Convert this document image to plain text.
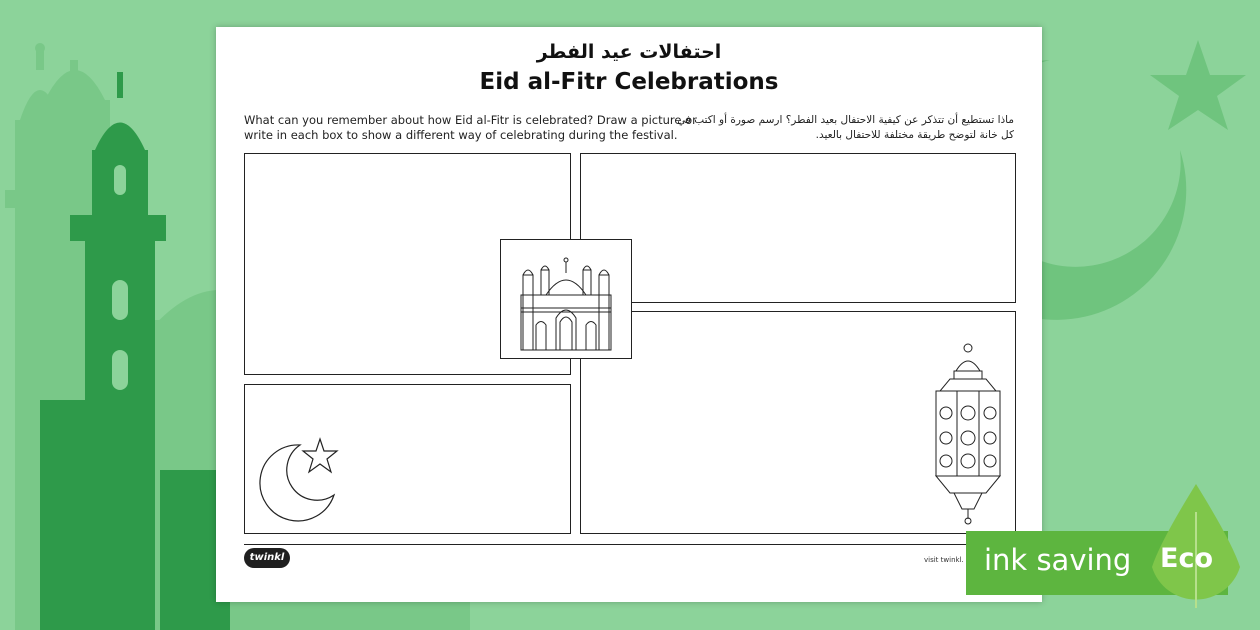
احتفالات عيد الفطر
Eid al-Fitr Celebrations
What can you remember about how Eid al-Fitr is celebrated? Draw a picture or write in each box to show a different way of celebrating during the festival.
ماذا تستطيع أن تتذكر عن كيفية الاحتفال بعيد الفطر؟ ارسم صورة أو اكتب في كل خانة لتوضح طريقة مختلفة للاحتفال بالعيد.
twinkl	visit twinkl. ink saving Eco
